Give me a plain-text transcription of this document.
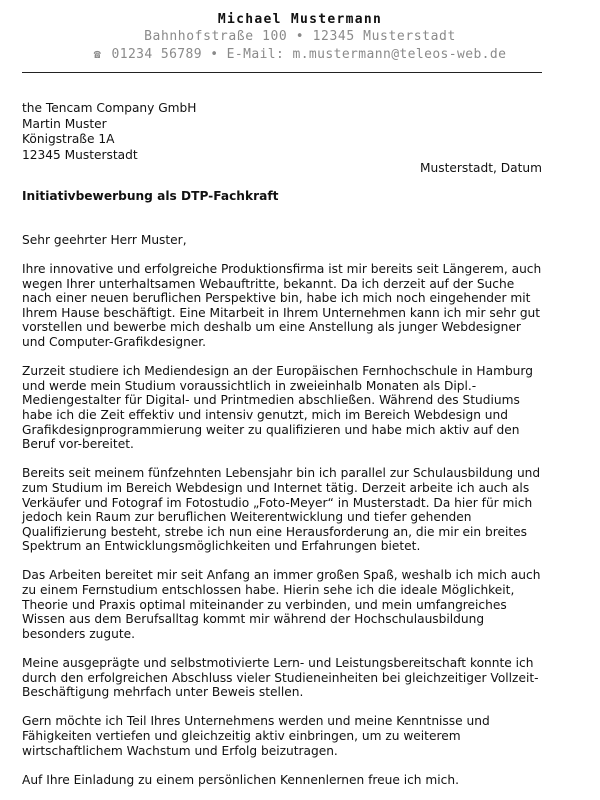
Michael Mustermann
Bahnhofstraße 100 • 12345 Musterstadt
☎ 01234 56789 • E-Mail: m.mustermann@teleos-web.de
the Tencam Company GmbH
Martin Muster
Königstraße 1A
12345 Musterstadt
Musterstadt, Datum
Initiativbewerbung als DTP-Fachkraft
Sehr geehrter Herr Muster,

Ihre innovative und erfolgreiche Produktionsfirma ist mir bereits seit Längerem, auch wegen Ihrer unterhaltsamen Webauftritte, bekannt. Da ich derzeit auf der Suche nach einer neuen beruflichen Perspektive bin, habe ich mich noch eingehender mit Ihrem Hause beschäftigt. Eine Mitarbeit in Ihrem Unternehmen kann ich mir sehr gut vorstellen und bewerbe mich deshalb um eine Anstellung als junger Webdesigner und Computer-Grafikdesigner.

Zurzeit studiere ich Mediendesign an der Europäischen Fernhochschule in Hamburg und werde mein Studium voraussichtlich in zweieinhalb Monaten als Dipl.-Mediengestalter für Digital- und Printmedien abschließen. Während des Studiums habe ich die Zeit effektiv und intensiv genutzt, mich im Bereich Webdesign und Grafikdesignprogrammierung weiter zu qualifizieren und habe mich aktiv auf den Beruf vor-bereitet.

Bereits seit meinem fünfzehnten Lebensjahr bin ich parallel zur Schulausbildung und zum Studium im Bereich Webdesign und Internet tätig. Derzeit arbeite ich auch als Verkäufer und Fotograf im Fotostudio „Foto-Meyer“ in Musterstadt. Da hier für mich jedoch kein Raum zur beruflichen Weiterentwicklung und tiefer gehenden Qualifizierung besteht, strebe ich nun eine Herausforderung an, die mir ein breites Spektrum an Entwicklungsmöglichkeiten und Erfahrungen bietet.

Das Arbeiten bereitet mir seit Anfang an immer großen Spaß, weshalb ich mich auch zu einem Fernstudium entschlossen habe. Hierin sehe ich die ideale Möglichkeit, Theorie und Praxis optimal miteinander zu verbinden, und mein umfangreiches Wissen aus dem Berufsalltag kommt mir während der Hochschulausbildung besonders zugute.

Meine ausgeprägte und selbstmotivierte Lern- und Leistungsbereitschaft konnte ich durch den erfolgreichen Abschluss vieler Studieneinheiten bei gleichzeitiger Vollzeit-Beschäftigung mehrfach unter Beweis stellen.

Gern möchte ich Teil Ihres Unternehmens werden und meine Kenntnisse und Fähigkeiten vertiefen und gleichzeitig aktiv einbringen, um zu weiterem wirtschaftlichem Wachstum und Erfolg beizutragen.

Auf Ihre Einladung zu einem persönlichen Kennenlernen freue ich mich.
